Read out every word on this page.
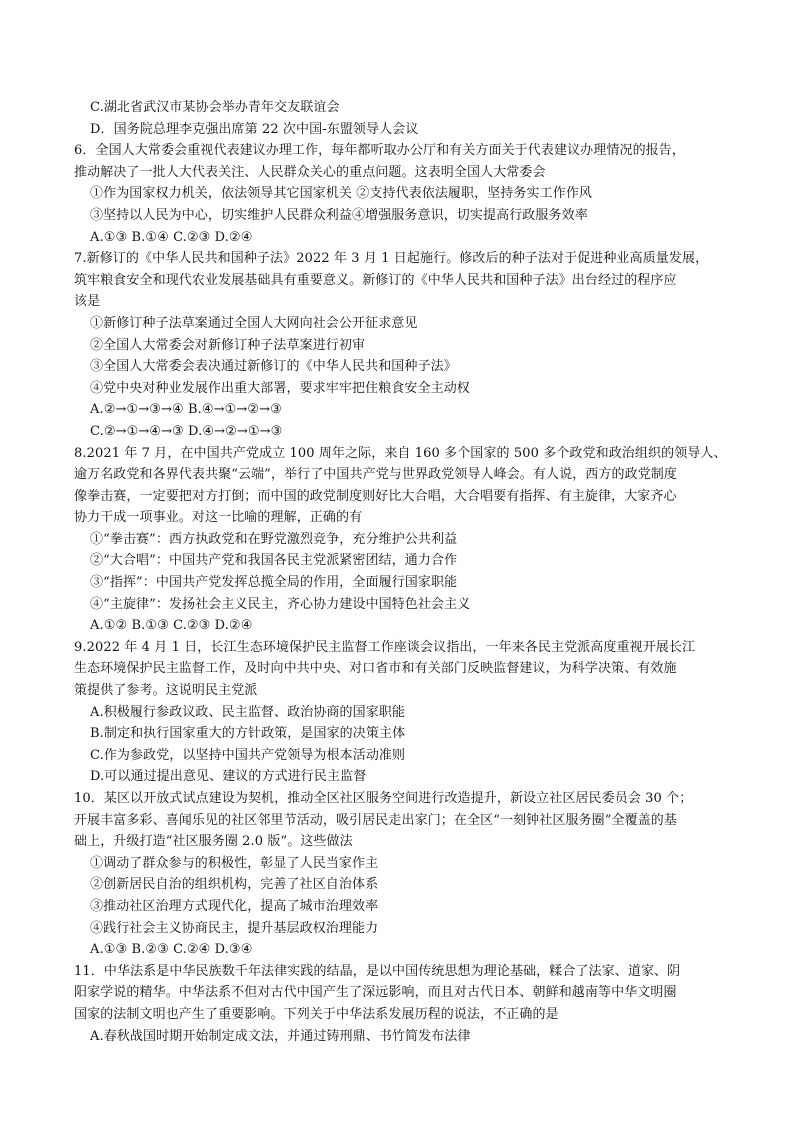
C.湖北省武汉市某协会举办青年交友联谊会
D．国务院总理李克强出席第 22 次中国-东盟领导人会议
6．全国人大常委会重视代表建议办理工作，每年都听取办公厅和有关方面关于代表建议办理情况的报告，
推动解决了一批人大代表关注、人民群众关心的重点问题。这表明全国人大常委会
①作为国家权力机关，依法领导其它国家机关 ②支持代表依法履职，坚持务实工作作风
③坚持以人民为中心，切实维护人民群众利益④增强服务意识，切实提高行政服务效率
A.①③ B.①④ C.②③ D.②④
7.新修订的《中华人民共和国种子法》2022 年 3 月 1 日起施行。修改后的种子法对于促进种业高质量发展，
筑牢粮食安全和现代农业发展基础具有重要意义。新修订的《中华人民共和国种子法》出台经过的程序应
该是
①新修订种子法草案通过全国人大网向社会公开征求意见
②全国人大常委会对新修订种子法草案进行初审
③全国人大常委会表决通过新修订的《中华人民共和国种子法》
④党中央对种业发展作出重大部署，要求牢牢把住粮食安全主动权
A.②→①→③→④ B.④→①→②→③
C.②→①→④→③ D.④→②→①→③
8.2021 年 7 月，在中国共产党成立 100 周年之际，来自 160 多个国家的 500 多个政党和政治组织的领导人、
逾万名政党和各界代表共聚“云端”，举行了中国共产党与世界政党领导人峰会。有人说，西方的政党制度
像拳击赛，一定要把对方打倒；而中国的政党制度则好比大合唱，大合唱要有指挥、有主旋律，大家齐心
协力干成一项事业。对这一比喻的理解，正确的有
①“拳击赛”：西方执政党和在野党激烈竞争，充分维护公共利益
②“大合唱”：中国共产党和我国各民主党派紧密团结，通力合作
③“指挥”：中国共产党发挥总揽全局的作用，全面履行国家职能
④“主旋律”：发扬社会主义民主，齐心协力建设中国特色社会主义
A.①② B.①③ C.②③ D.②④
9.2022 年 4 月 1 日，长江生态环境保护民主监督工作座谈会议指出，一年来各民主党派高度重视开展长江
生态环境保护民主监督工作，及时向中共中央、对口省市和有关部门反映监督建议，为科学决策、有效施
策提供了参考。这说明民主党派
A.积极履行参政议政、民主监督、政治协商的国家职能
B.制定和执行国家重大的方针政策，是国家的决策主体
C.作为参政党，以坚持中国共产党领导为根本活动准则
D.可以通过提出意见、建议的方式进行民主监督
10．某区以开放式试点建设为契机，推动全区社区服务空间进行改造提升，新设立社区居民委员会 30 个；
开展丰富多彩、喜闻乐见的社区邻里节活动，吸引居民走出家门；在全区“一刻钟社区服务圈”全覆盖的基
础上，升级打造“社区服务圈 2.0 版”。这些做法
①调动了群众参与的积极性，彰显了人民当家作主
②创新居民自治的组织机构，完善了社区自治体系
③推动社区治理方式现代化，提高了城市治理效率
④践行社会主义协商民主，提升基层政权治理能力
A.①③ B.②③ C.②④ D.③④
11．中华法系是中华民族数千年法律实践的结晶，是以中国传统思想为理论基础，糅合了法家、道家、阴
阳家学说的精华。中华法系不但对古代中国产生了深远影响，而且对古代日本、朝鲜和越南等中华文明圈
国家的法制文明也产生了重要影响。下列关于中华法系发展历程的说法，不正确的是
A.春秋战国时期开始制定成文法，并通过铸刑鼎、书竹简发布法律
